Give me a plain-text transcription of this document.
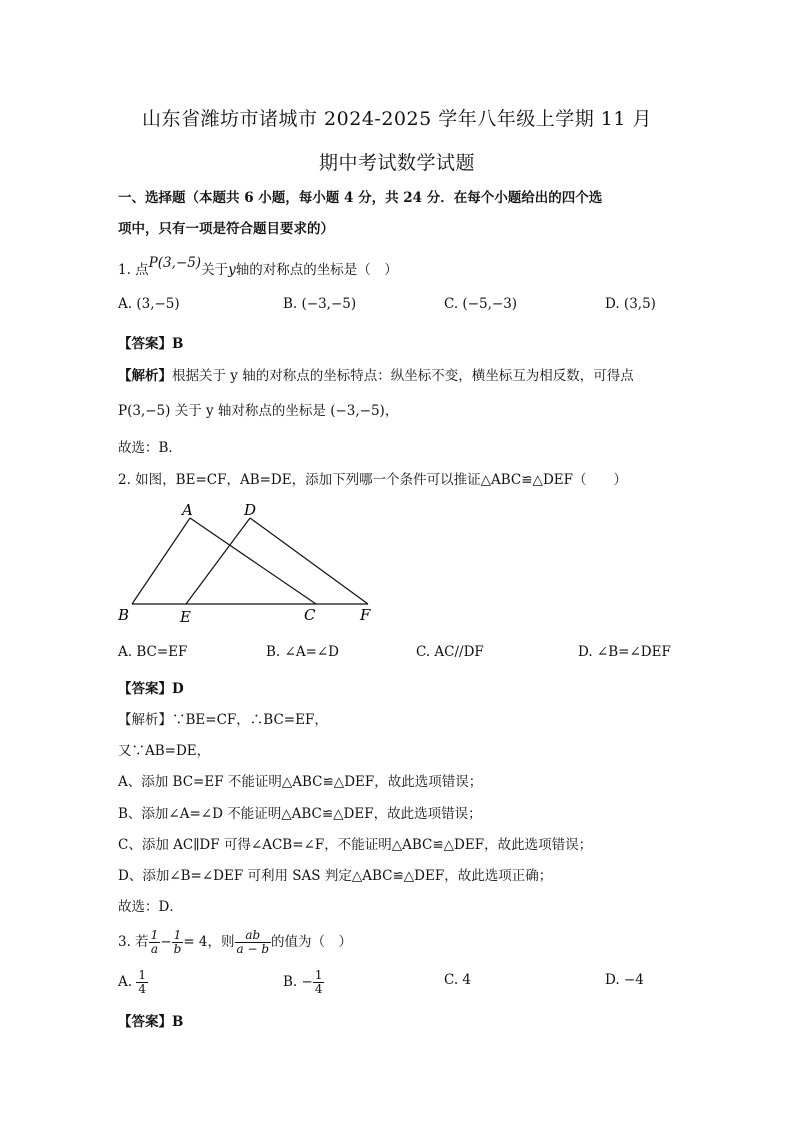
山东省潍坊市诸城市 2024-2025 学年八年级上学期 11 月
期中考试数学试题
一、选择题（本题共 6 小题，每小题 4 分，共 24 分．在每个小题给出的四个选
项中，只有一项是符合题目要求的）
1. 点P(3,−5)关于y轴的对称点的坐标是（　）
A. (3,−5)	B. (−3,−5)	C. (−5,−3)	D. (3,5)
【答案】B
【解析】根据关于 y 轴的对称点的坐标特点：纵坐标不变，横坐标互为相反数，可得点
P(3,−5) 关于 y 轴对称点的坐标是 (−3,−5)，
故选：B．
2. 如图，BE=CF，AB=DE，添加下列哪一个条件可以推证△ABC≌△DEF（　　）
A	D
B	E	C	F
A. BC=EF	B. ∠A=∠D	C. AC//DF	D. ∠B=∠DEF
【答案】D
【解析】∵BE=CF，∴BC=EF，
又∵AB=DE，
A、添加 BC=EF 不能证明△ABC≌△DEF，故此选项错误；
B、添加∠A=∠D 不能证明△ABC≌△DEF，故此选项错误；
C、添加 AC∥DF 可得∠ACB=∠F，不能证明△ABC≌△DEF，故此选项错误；
D、添加∠B=∠DEF 可利用 SAS 判定△ABC≌△DEF，故此选项正确；
故选：D．
3. 若 $\frac{1}{a} - \frac{1}{b} = 4$，则 $\frac{ab}{a - b}$ 的值为（　）
A. $\frac{1}{4}$	B. − $\frac{1}{4}$	C. 4	D. −4
【答案】B
